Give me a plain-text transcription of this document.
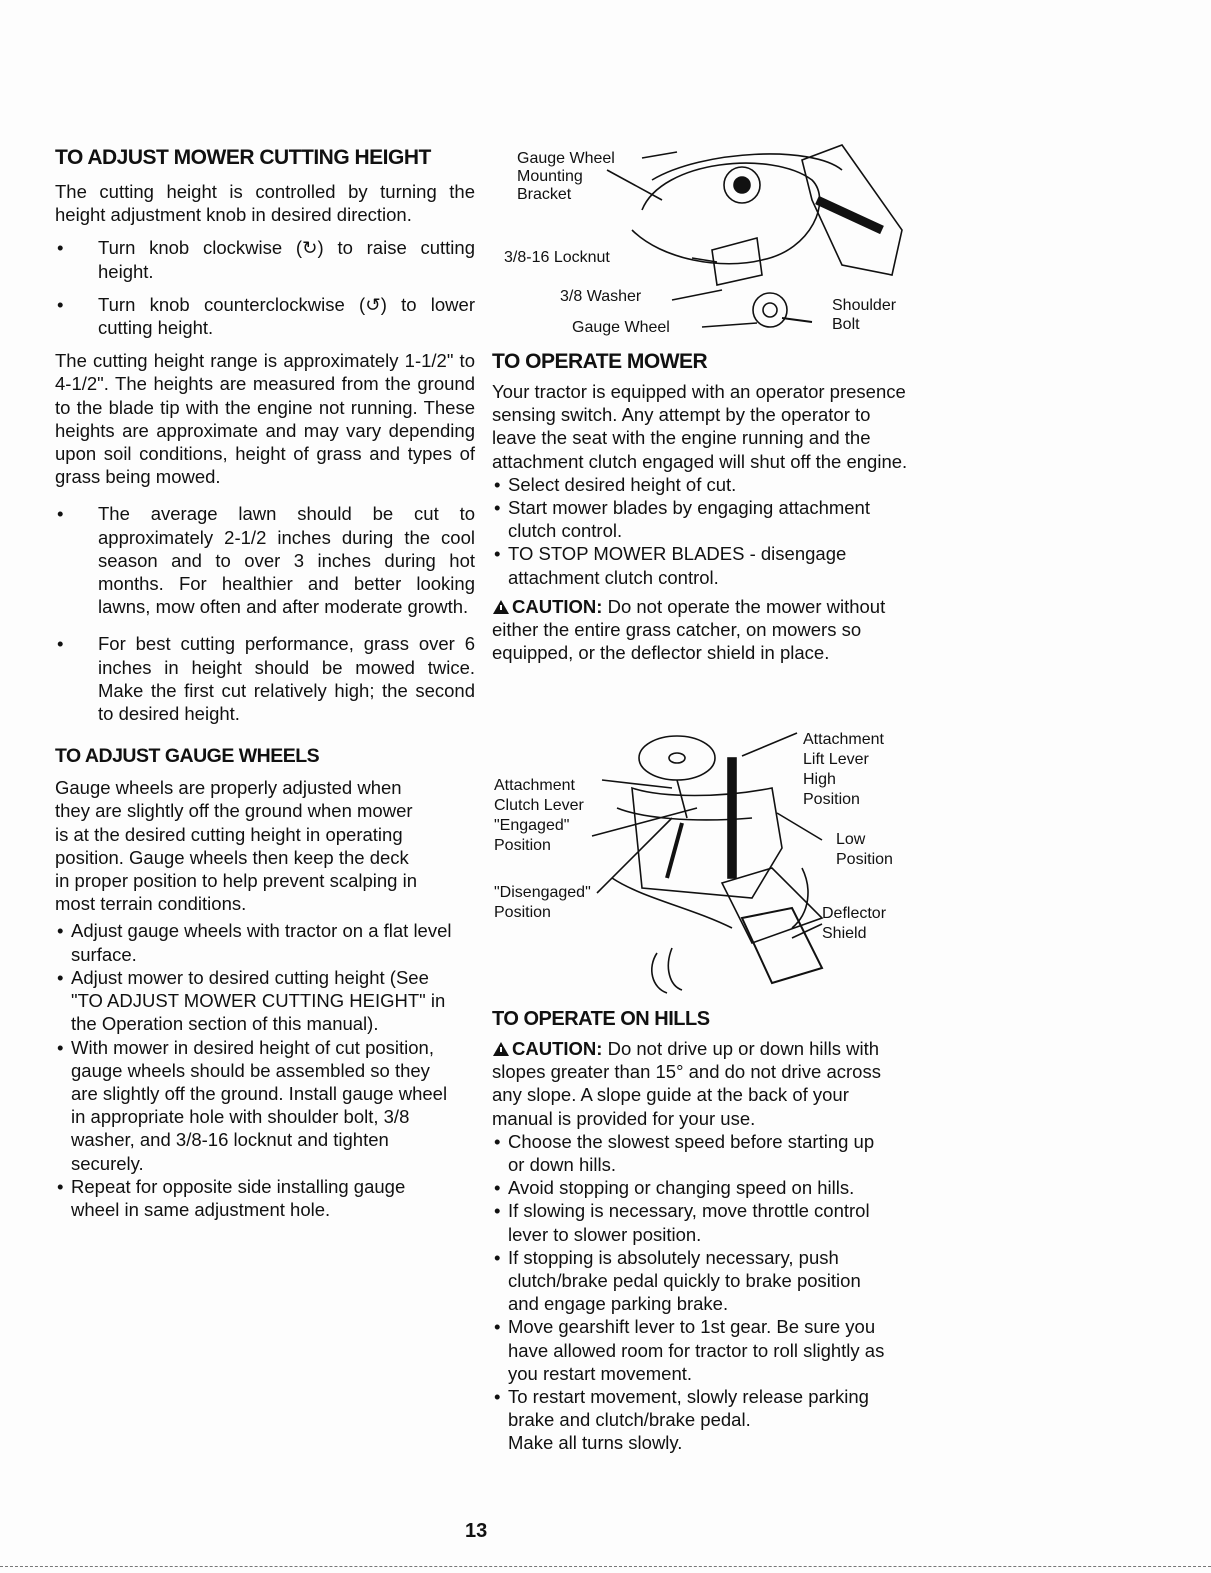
TO ADJUST MOWER CUTTING HEIGHT

The cutting height is controlled by turning the height adjustment knob in desired direction.

• Turn knob clockwise (↻) to raise cutting height.
• Turn knob counterclockwise (↺) to lower cutting height.

The cutting height range is approximately 1-1/2" to 4-1/2". The heights are measured from the ground to the blade tip with the engine not running. These heights are approximate and may vary depending upon soil conditions, height of grass and types of grass being mowed.

• The average lawn should be cut to approximately 2-1/2 inches during the cool season and to over 3 inches during hot months. For healthier and better looking lawns, mow often and after moderate growth.
• For best cutting performance, grass over 6 inches in height should be mowed twice. Make the first cut relatively high; the second to desired height.
TO ADJUST GAUGE WHEELS

Gauge wheels are properly adjusted when they are slightly off the ground when mower is at the desired cutting height in operating position. Gauge wheels then keep the deck in proper position to help prevent scalping in most terrain conditions.

• Adjust gauge wheels with tractor on a flat level surface.
• Adjust mower to desired cutting height (See "TO ADJUST MOWER CUTTING HEIGHT" in the Operation section of this manual).
• With mower in desired height of cut position, gauge wheels should be assembled so they are slightly off the ground. Install gauge wheel in appropriate hole with shoulder bolt, 3/8 washer, and 3/8-16 locknut and tighten securely.
• Repeat for opposite side installing gauge wheel in same adjustment hole.
Gauge Wheel
Mounting
Bracket
3/8-16 Locknut
3/8 Washer
Gauge Wheel
Shoulder
Bolt
TO OPERATE MOWER

Your tractor is equipped with an operator presence sensing switch. Any attempt by the operator to leave the seat with the engine running and the attachment clutch engaged will shut off the engine.

• Select desired height of cut.
• Start mower blades by engaging attachment clutch control.
• TO STOP MOWER BLADES - disengage attachment clutch control.

CAUTION: Do not operate the mower without either the entire grass catcher, on mowers so equipped, or the deflector shield in place.

Attachment
Clutch Lever
"Engaged"
Position
"Disengaged"
Position
Attachment
Lift Lever
High
Position
Low
Position
Deflector
Shield
TO OPERATE ON HILLS

CAUTION: Do not drive up or down hills with slopes greater than 15° and do not drive across any slope. A slope guide at the back of your manual is provided for your use.

• Choose the slowest speed before starting up or down hills.
• Avoid stopping or changing speed on hills.
• If slowing is necessary, move throttle control lever to slower position.
• If stopping is absolutely necessary, push clutch/brake pedal quickly to brake position and engage parking brake.
• Move gearshift lever to 1st gear. Be sure you have allowed room for tractor to roll slightly as you restart movement.
• To restart movement, slowly release parking brake and clutch/brake pedal.

Make all turns slowly.

13
